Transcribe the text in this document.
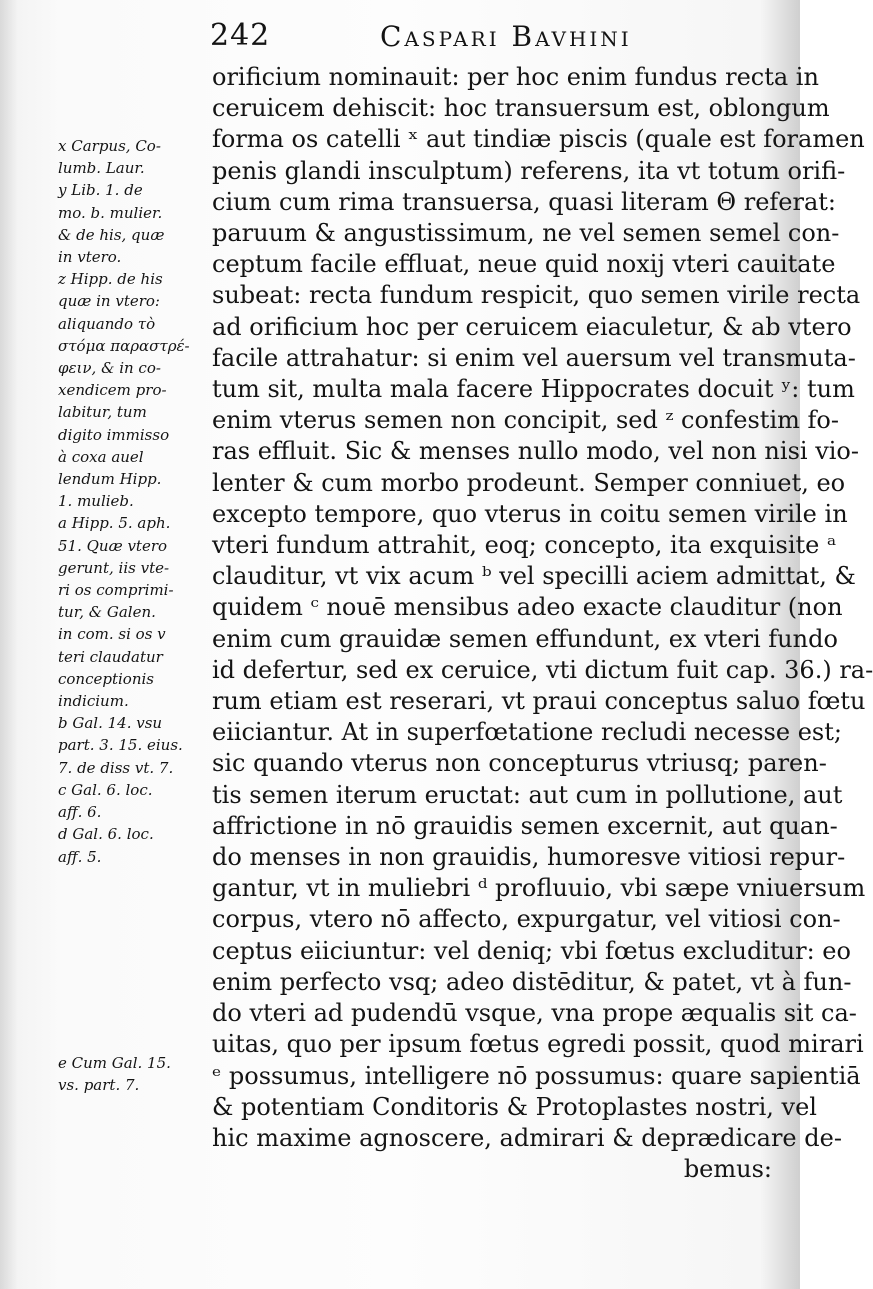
242	Caspari Bavhini
x Carpus, Co-
lumb. Laur.
y Lib. 1. de
mo. b. mulier.
& de his, quæ
in vtero.
z Hipp. de his
quæ in vtero:
aliquando τὸ
στόμα παραστρέ-
φειν, & in co-
xendicem pro-
labitur, tum
digito immisso
à coxa auel
lendum Hipp.
1. mulieb.
a Hipp. 5. aph.
51. Quæ vtero
gerunt, iis vte-
ri os comprimi-
tur, & Galen.
in com. si os v
teri claudatur
conceptionis
indicium.
b Gal. 14. vsu
part. 3. 15. eius.
7. de diss vt. 7.
c Gal. 6. loc.
aff. 6.
d Gal. 6. loc.
aff. 5.
e Cum Gal. 15.
vs. part. 7.
orificium nominauit: per hoc enim fundus recta in
ceruicem dehiscit: hoc transuersum est, oblongum
forma os catelli ˣ aut tindiæ piscis (quale est foramen
penis glandi insculptum) referens, ita vt totum orifi-
cium cum rima transuersa, quasi literam Θ referat:
paruum & angustissimum, ne vel semen semel con-
ceptum facile effluat, neue quid noxij vteri cauitate
subeat: recta fundum respicit, quo semen virile recta
ad orificium hoc per ceruicem eiaculetur, & ab vtero
facile attrahatur: si enim vel auersum vel transmuta-
tum sit, multa mala facere Hippocrates docuit ʸ: tum
enim vterus semen non concipit, sed ᶻ confestim fo-
ras effluit. Sic & menses nullo modo, vel non nisi vio-
lenter & cum morbo prodeunt. Semper conniuet, eo
excepto tempore, quo vterus in coitu semen virile in
vteri fundum attrahit, eoq; concepto, ita exquisite ᵃ
clauditur, vt vix acum ᵇ vel specilli aciem admittat, &
quidem ᶜ nouē mensibus adeo exacte clauditur (non
enim cum grauidæ semen effundunt, ex vteri fundo
id defertur, sed ex ceruice, vti dictum fuit cap. 36.) ra-
rum etiam est reserari, vt praui conceptus saluo fœtu
eiiciantur. At in superfœtatione recludi necesse est;
sic quando vterus non concepturus vtriusq; paren-
tis semen iterum eructat: aut cum in pollutione, aut
affrictione in nō grauidis semen excernit, aut quan-
do menses in non grauidis, humoresve vitiosi repur-
gantur, vt in muliebri ᵈ profluuio, vbi sæpe vniuersum
corpus, vtero nō affecto, expurgatur, vel vitiosi con-
ceptus eiiciuntur: vel deniq; vbi fœtus excluditur: eo
enim perfecto vsq; adeo distēditur, & patet, vt à fun-
do vteri ad pudendū vsque, vna prope æqualis sit ca-
uitas, quo per ipsum fœtus egredi possit, quod mirari
ᵉ possumus, intelligere nō possumus: quare sapientiā
& potentiam Conditoris & Protoplastes nostri, vel
hic maxime agnoscere, admirari & deprædicare de-
bemus:
